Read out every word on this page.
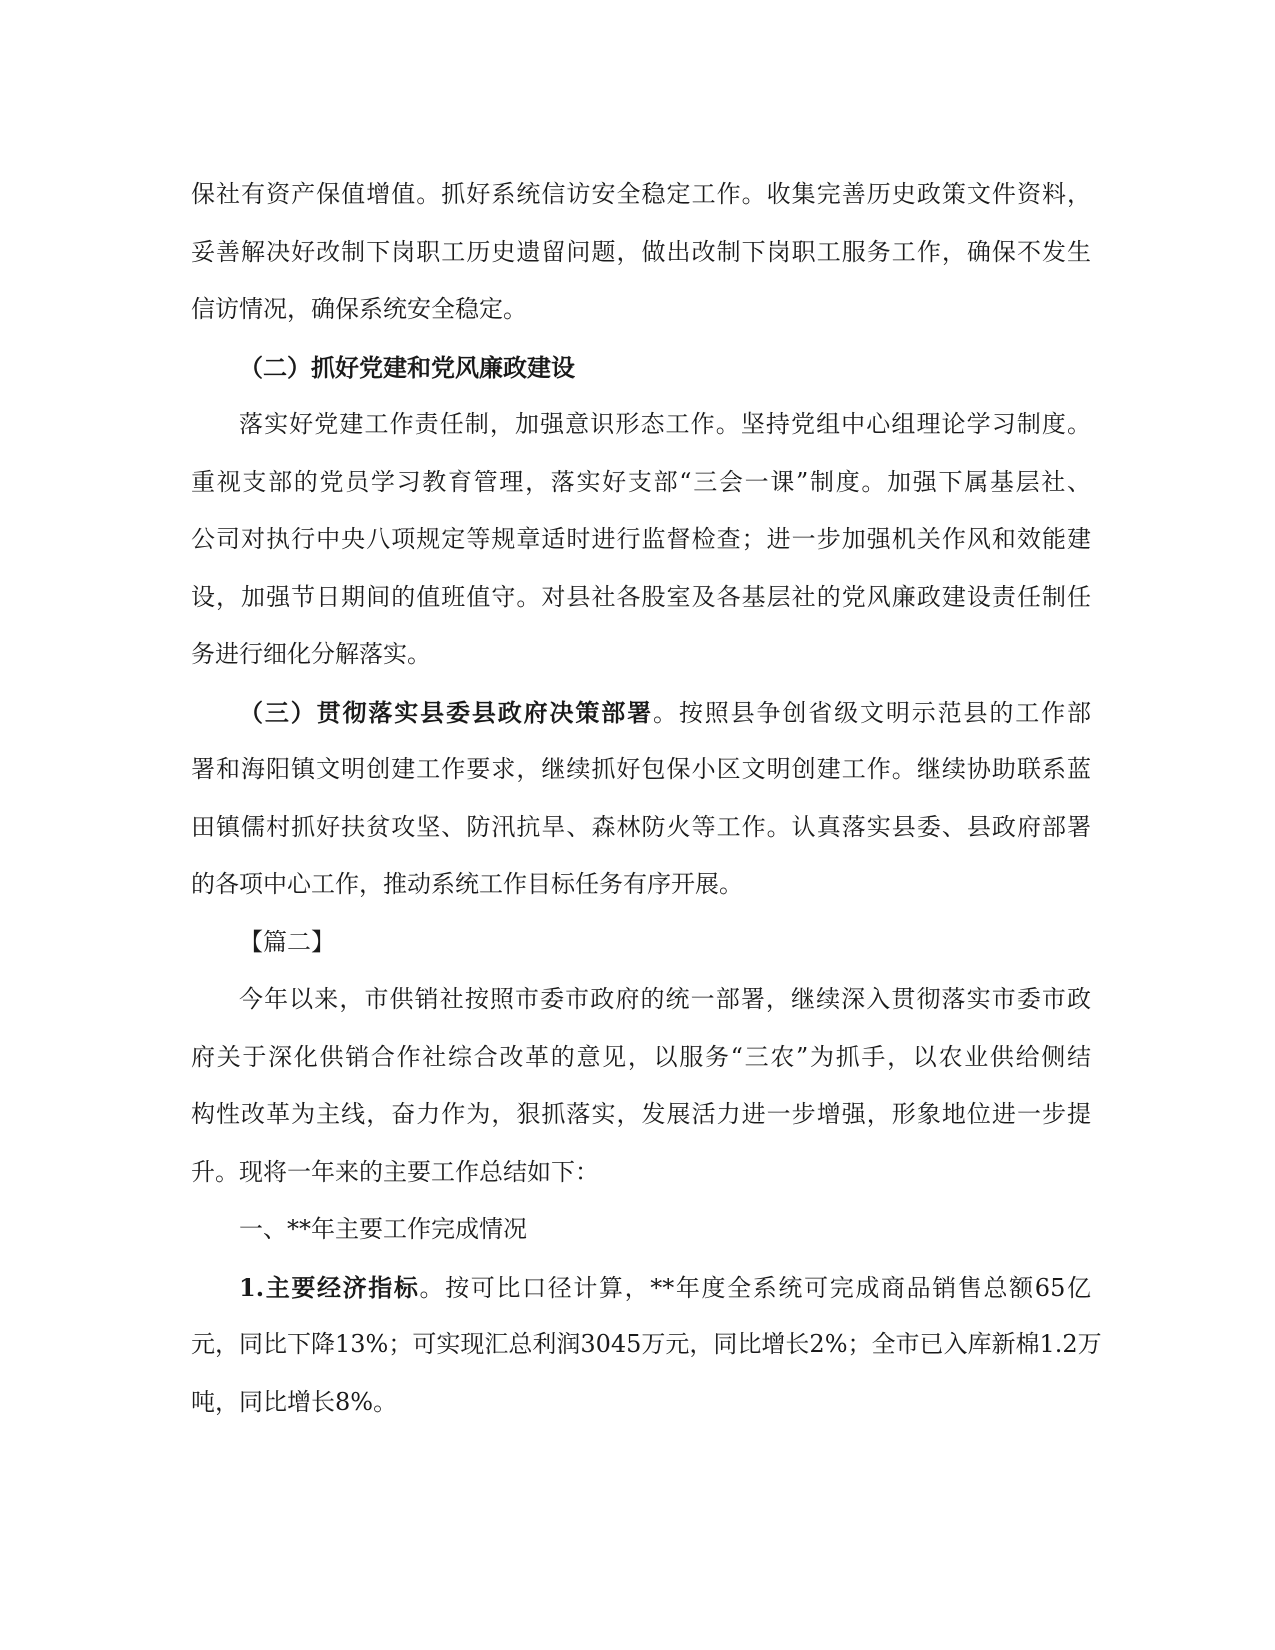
保社有资产保值增值。抓好系统信访安全稳定工作。收集完善历史政策文件资料，
妥善解决好改制下岗职工历史遗留问题，做出改制下岗职工服务工作，确保不发生
信访情况，确保系统安全稳定。
（二）抓好党建和党风廉政建设
落实好党建工作责任制，加强意识形态工作。坚持党组中心组理论学习制度。
重视支部的党员学习教育管理，落实好支部“三会一课”制度。加强下属基层社、
公司对执行中央八项规定等规章适时进行监督检查；进一步加强机关作风和效能建
设，加强节日期间的值班值守。对县社各股室及各基层社的党风廉政建设责任制任
务进行细化分解落实。
（三）贯彻落实县委县政府决策部署。按照县争创省级文明示范县的工作部
署和海阳镇文明创建工作要求，继续抓好包保小区文明创建工作。继续协助联系蓝
田镇儒村抓好扶贫攻坚、防汛抗旱、森林防火等工作。认真落实县委、县政府部署
的各项中心工作，推动系统工作目标任务有序开展。
【篇二】
今年以来，市供销社按照市委市政府的统一部署，继续深入贯彻落实市委市政
府关于深化供销合作社综合改革的意见，以服务“三农”为抓手，以农业供给侧结
构性改革为主线，奋力作为，狠抓落实，发展活力进一步增强，形象地位进一步提
升。现将一年来的主要工作总结如下：
一、**年主要工作完成情况
1.主要经济指标。按可比口径计算，**年度全系统可完成商品销售总额65亿
元，同比下降13%；可实现汇总利润3045万元，同比增长2%；全市已入库新棉1.2万
吨，同比增长8%。
